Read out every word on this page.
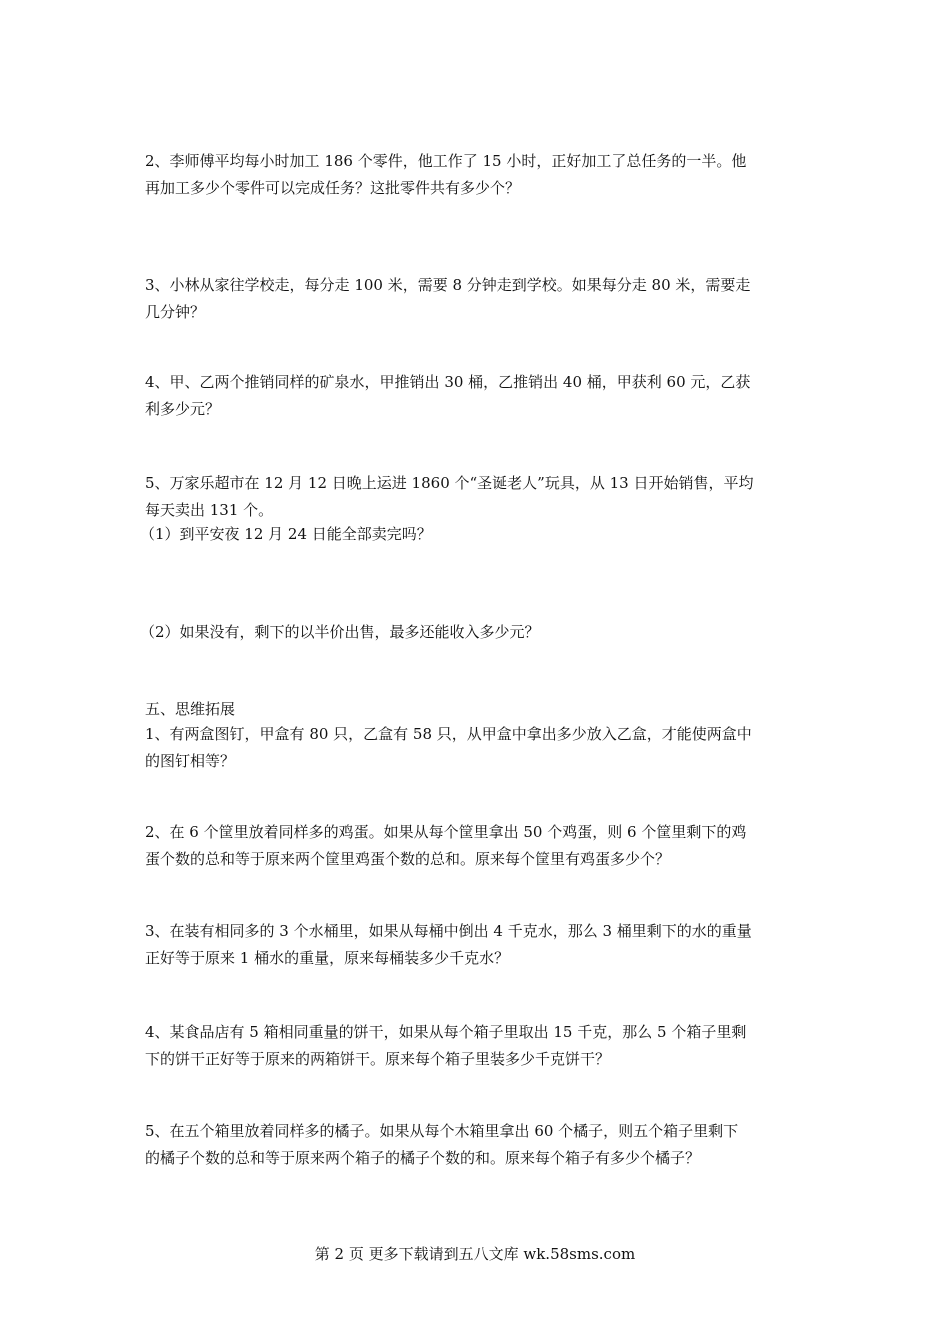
2、李师傅平均每小时加工 186 个零件，他工作了 15 小时，正好加工了总任务的一半。他

再加工多少个零件可以完成任务？这批零件共有多少个？

3、小林从家往学校走，每分走 100 米，需要 8 分钟走到学校。如果每分走 80 米，需要走

几分钟？

4、甲、乙两个推销同样的矿泉水，甲推销出 30 桶，乙推销出 40 桶，甲获利 60 元，乙获

利多少元？

5、万家乐超市在 12 月 12 日晚上运进 1860 个“圣诞老人”玩具，从 13 日开始销售，平均

每天卖出 131 个。

（1）到平安夜 12 月 24 日能全部卖完吗？

（2）如果没有，剩下的以半价出售，最多还能收入多少元？

五、思维拓展

1、有两盒图钉，甲盒有 80 只，乙盒有 58 只，从甲盒中拿出多少放入乙盒，才能使两盒中

的图钉相等？

2、在 6 个筐里放着同样多的鸡蛋。如果从每个筐里拿出 50 个鸡蛋，则 6 个筐里剩下的鸡

蛋个数的总和等于原来两个筐里鸡蛋个数的总和。原来每个筐里有鸡蛋多少个？

3、在装有相同多的 3 个水桶里，如果从每桶中倒出 4 千克水，那么 3 桶里剩下的水的重量

正好等于原来 1 桶水的重量，原来每桶装多少千克水？

4、某食品店有 5 箱相同重量的饼干，如果从每个箱子里取出 15 千克，那么 5 个箱子里剩

下的饼干正好等于原来的两箱饼干。原来每个箱子里装多少千克饼干？

5、在五个箱里放着同样多的橘子。如果从每个木箱里拿出 60 个橘子，则五个箱子里剩下

的橘子个数的总和等于原来两个箱子的橘子个数的和。原来每个箱子有多少个橘子？

第 2 页 更多下载请到五八文库 wk.58sms.com
